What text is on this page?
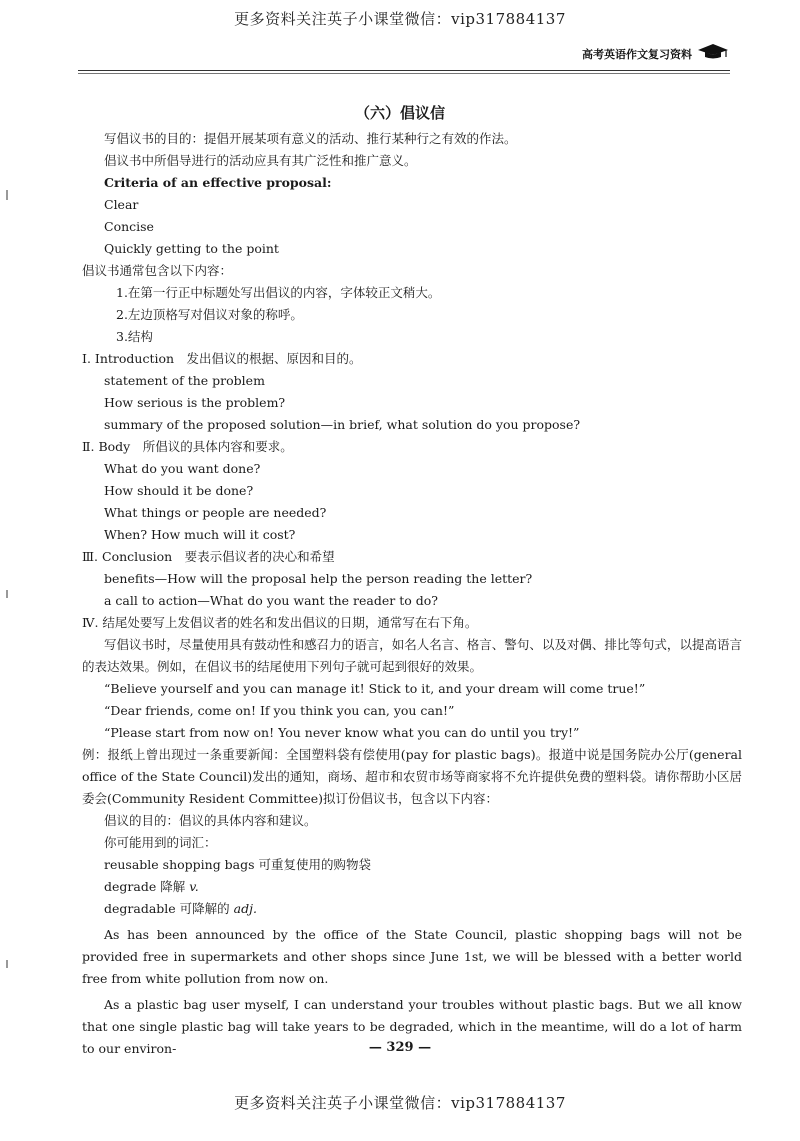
更多资料关注英子小课堂微信：vip317884137
高考英语作文复习资料
（六）倡议信
写倡议书的目的：提倡开展某项有意义的活动、推行某种行之有效的作法。
倡议书中所倡导进行的活动应具有其广泛性和推广意义。
Criteria of an effective proposal:
Clear
Concise
Quickly getting to the point
倡议书通常包含以下内容：
1.在第一行正中标题处写出倡议的内容，字体较正文稍大。
2.左边顶格写对倡议对象的称呼。
3.结构
Ⅰ. Introduction　发出倡议的根据、原因和目的。
statement of the problem
How serious is the problem?
summary of the proposed solution—in brief, what solution do you propose?
Ⅱ. Body　所倡议的具体内容和要求。
What do you want done?
How should it be done?
What things or people are needed?
When? How much will it cost?
Ⅲ. Conclusion　要表示倡议者的决心和希望
benefits—How will the proposal help the person reading the letter?
a call to action—What do you want the reader to do?
Ⅳ. 结尾处要写上发倡议者的姓名和发出倡议的日期，通常写在右下角。
写倡议书时，尽量使用具有鼓动性和感召力的语言，如名人名言、格言、警句、以及对偶、排比等句式，以提高语言的表达效果。例如，在倡议书的结尾使用下列句子就可起到很好的效果。
“Believe yourself and you can manage it! Stick to it, and your dream will come true!”
“Dear friends, come on! If you think you can, you can!”
“Please start from now on! You never know what you can do until you try!”
例：报纸上曾出现过一条重要新闻：全国塑料袋有偿使用(pay for plastic bags)。报道中说是国务院办公厅(general office of the State Council)发出的通知，商场、超市和农贸市场等商家将不允许提供免费的塑料袋。请你帮助小区居委会(Community Resident Committee)拟订份倡议书，包含以下内容：
倡议的目的：倡议的具体内容和建议。
你可能用到的词汇：
reusable shopping bags 可重复使用的购物袋
degrade 降解 v.
degradable 可降解的 adj.
As has been announced by the office of the State Council, plastic shopping bags will not be provided free in supermarkets and other shops since June 1st, we will be blessed with a better world free from white pollution from now on.
As a plastic bag user myself, I can understand your troubles without plastic bags. But we all know that one single plastic bag will take years to be degraded, which in the meantime, will do a lot of harm to our environ-	— 329 —
更多资料关注英子小课堂微信：vip317884137
